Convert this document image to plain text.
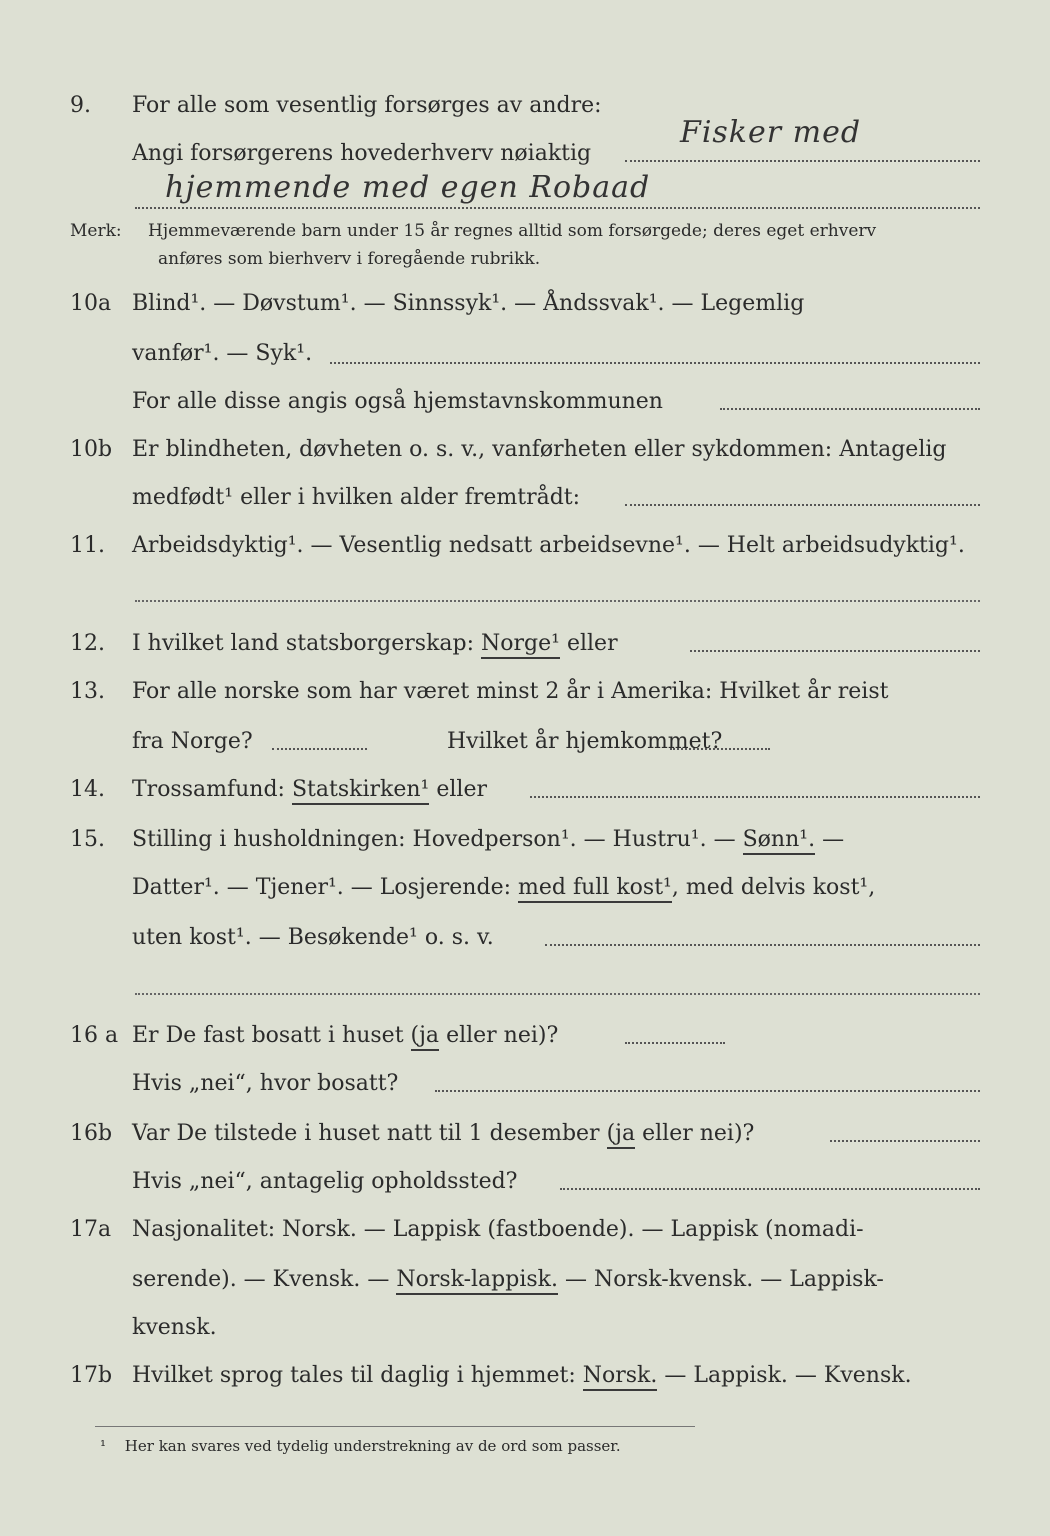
9.	For alle som vesentlig forsørges av andre:
Angi forsørgerens hovederhverv nøiaktig
Fisker med
hjemmende med egen Robaad
Merk:	Hjemmeværende barn under 15 år regnes alltid som forsørgede; deres eget erhverv
anføres som bierhverv i foregående rubrikk.
10a Blind¹. — Døvstum¹. — Sinnssyk¹. — Åndssvak¹. — Legemlig
vanfør¹. — Syk¹.
For alle disse angis også hjemstavnskommunen
10b Er blindheten, døvheten o. s. v., vanførheten eller sykdommen: Antagelig
medfødt¹ eller i hvilken alder fremtrådt:
11.	Arbeidsdyktig¹. — Vesentlig nedsatt arbeidsevne¹. — Helt arbeidsudyktig¹.
12.	I hvilket land statsborgerskap: Norge¹ eller
13.	For alle norske som har været minst 2 år i Amerika: Hvilket år reist
fra Norge?	Hvilket år hjemkommet?
14.	Trossamfund: Statskirken¹ eller
15.	Stilling i husholdningen: Hovedperson¹. — Hustru¹. — Sønn¹. —
Datter¹. — Tjener¹. — Losjerende: med full kost¹, med delvis kost¹,
uten kost¹. — Besøkende¹ o. s. v.
16 a Er De fast bosatt i huset (ja eller nei)?
Hvis „nei“, hvor bosatt?
16b Var De tilstede i huset natt til 1 desember (ja eller nei)?
Hvis „nei“, antagelig opholdssted?
17a Nasjonalitet: Norsk. — Lappisk (fastboende). — Lappisk (nomadi-
serende). — Kvensk. — Norsk-lappisk. — Norsk-kvensk. — Lappisk-
kvensk.
17b Hvilket sprog tales til daglig i hjemmet: Norsk. — Lappisk. — Kvensk.
¹ Her kan svares ved tydelig understrekning av de ord som passer.
